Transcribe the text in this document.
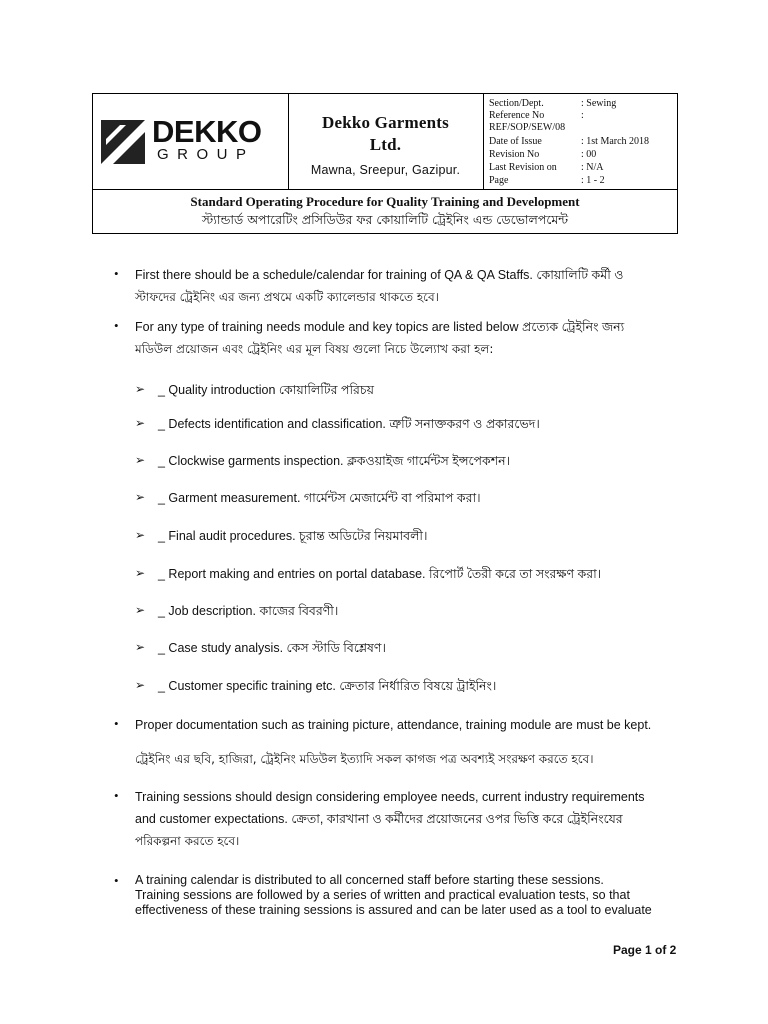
DEKKO
GROUP
Dekko Garments Ltd.
Mawna, Sreepur, Gazipur.
Section/Dept.	: Sewing
Reference No	:
REF/SOP/SEW/08
Date of Issue	: 1st March 2018
Revision No	: 00
Last Revision on	: N/A
Page	: 1 - 2
Standard Operating Procedure for Quality Training and Development
স্ট্যান্ডার্ড অপারেটিং প্রসিডিউর ফর কোয়ালিটি ট্রেইনিং এন্ড ডেভোলপমেন্ট
• First there should be a schedule/calendar for training of QA & QA Staffs. কোয়ালিটি কর্মী ও
স্টাফদের ট্রেইনিং এর জন্য প্রথমে একটি ক্যালেন্ডার থাকতে হবে।
• For any type of training needs module and key topics are listed below প্রত্যেক ট্রেইনিং জন্য
মডিউল প্রয়োজন এবং ট্রেইনিং এর মূল বিষয় গুলো নিচে উল্যোখ করা হল:
➢ _ Quality introduction কোয়ালিটির পরিচয়
➢ _ Defects identification and classification. ত্রুটি সনাক্তকরণ ও প্রকারভেদ।
➢ _ Clockwise garments inspection. ক্লকওয়াইজ গার্মেন্টস ইন্সপেকশন।
➢ _ Garment measurement. গার্মেন্টস মেজার্মেন্ট বা পরিমাপ করা।
➢ _ Final audit procedures. চূরান্ত অডিটের নিয়মাবলী।
➢ _ Report making and entries on portal database. রিপোর্ট তৈরী করে তা সংরক্ষণ করা।
➢ _ Job description. কাজের বিবরণী।
➢ _ Case study analysis. কেস স্টাডি বিশ্লেষণ।
➢ _ Customer specific training etc. ক্রেতার নির্ধারিত বিষয়ে ট্রাইনিং।
• Proper documentation such as training picture, attendance, training module are must be kept.
ট্রেইনিং এর ছবি, হাজিরা, ট্রেইনিং মডিউল ইত্যাদি সকল কাগজ পত্র অবশ্যই সংরক্ষণ করতে হবে।
• Training sessions should design considering employee needs, current industry requirements
and customer expectations. ক্রেতা, কারখানা ও কর্মীদের প্রয়োজনের ওপর ভিত্তি করে ট্রেইনিংযের
পরিকল্পনা করতে হবে।
• A training calendar is distributed to all concerned staff before starting these sessions.
Training sessions are followed by a series of written and practical evaluation tests, so that
effectiveness of these training sessions is assured and can be later used as a tool to evaluate
Page 1 of 2
